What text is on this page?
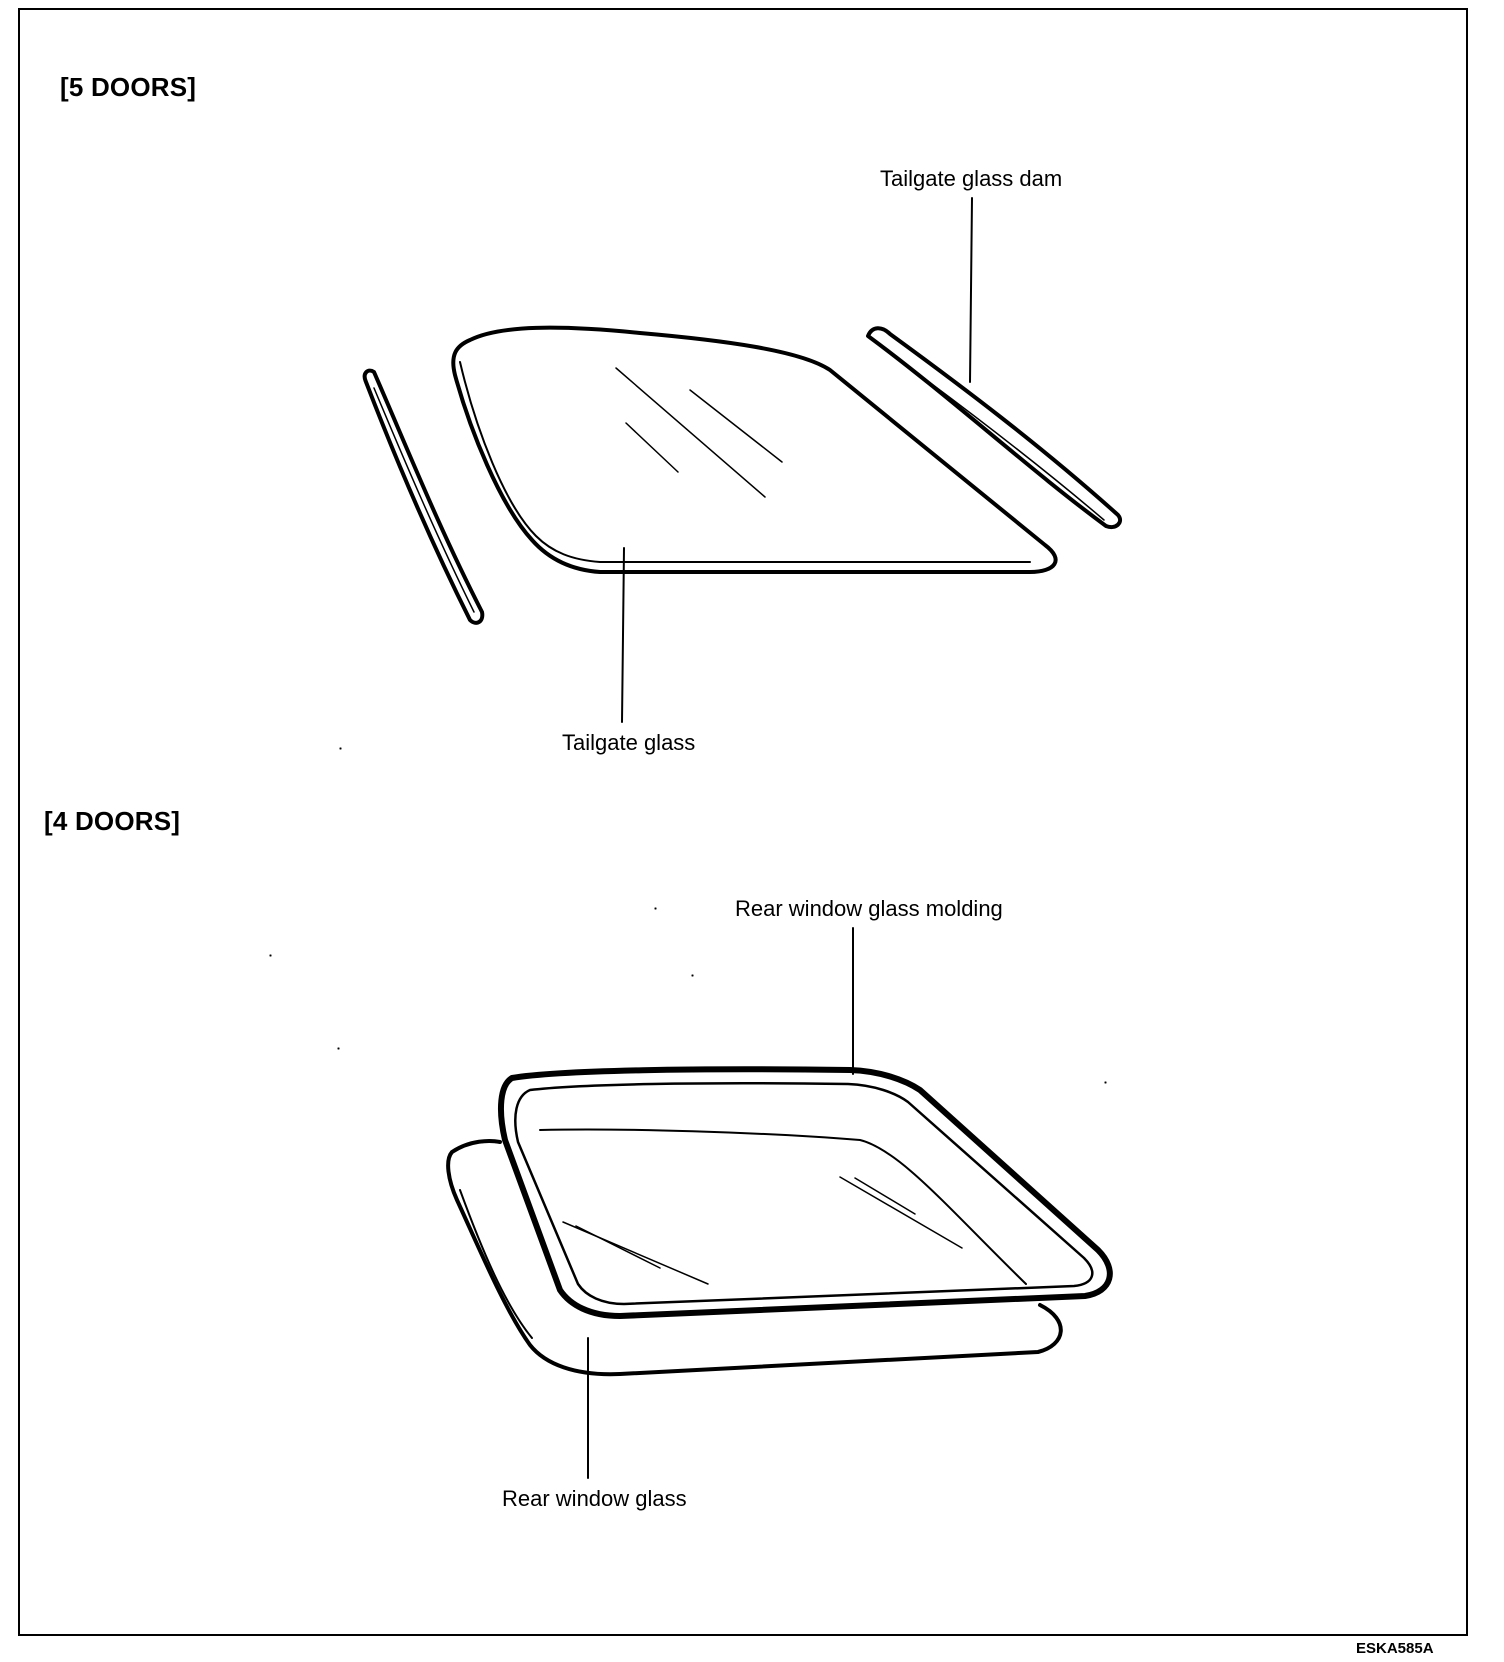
[5 DOORS]
[4 DOORS]
Tailgate glass dam
Tailgate glass
Rear window glass molding
Rear window glass
ESKA585A
